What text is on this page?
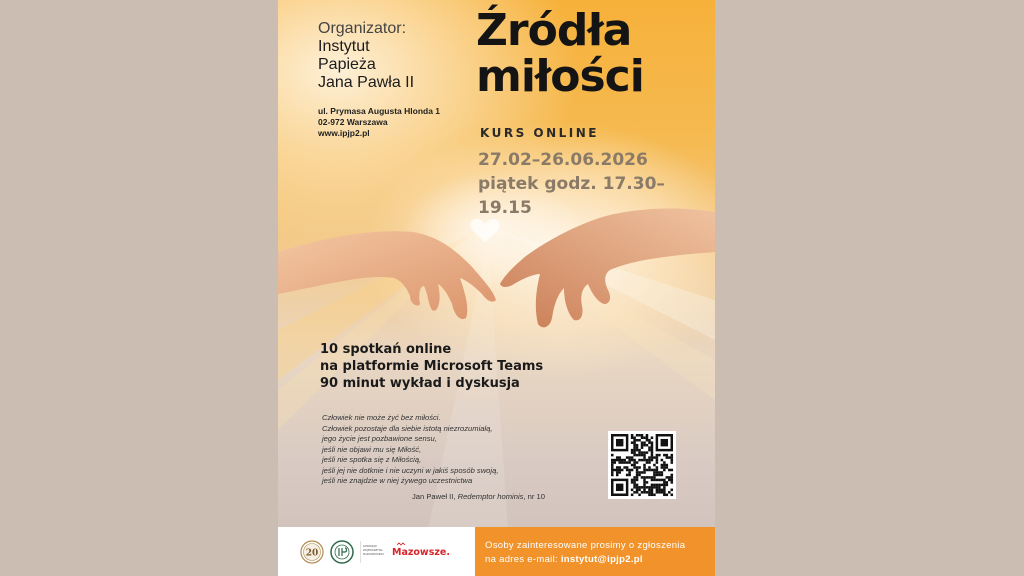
Organizator:
Instytut
Papieża
Jana Pawła II
ul. Prymasa Augusta Hlonda 1
02-972 Warszawa
www.ipjp2.pl
Źródła
miłości
KURS ONLINE
27.02–26.06.2026
piątek godz. 17.30–19.15
10 spotkań online
na platformie Microsoft Teams
90 minut wykład i dyskusja
Człowiek nie może żyć bez miłości.
Człowiek pozostaje dla siebie istotą niezrozumiałą,
jego życie jest pozbawione sensu,
jeśli nie objawi mu się Miłość,
jeśli nie spotka się z Miłością,
jeśli jej nie dotknie i nie uczyni w jakiś sposób swoją,
jeśli nie znajdzie w niej żywego uczestnictwa
Jan Paweł II, Redemptor hominis, nr 10
20
SAMORZĄD
WOJEWÓDZTWA
MAZOWIECKIEGO Mazowsze.
Osoby zainteresowane prosimy o zgłoszenia
na adres e-mail: instytut@ipjp2.pl
